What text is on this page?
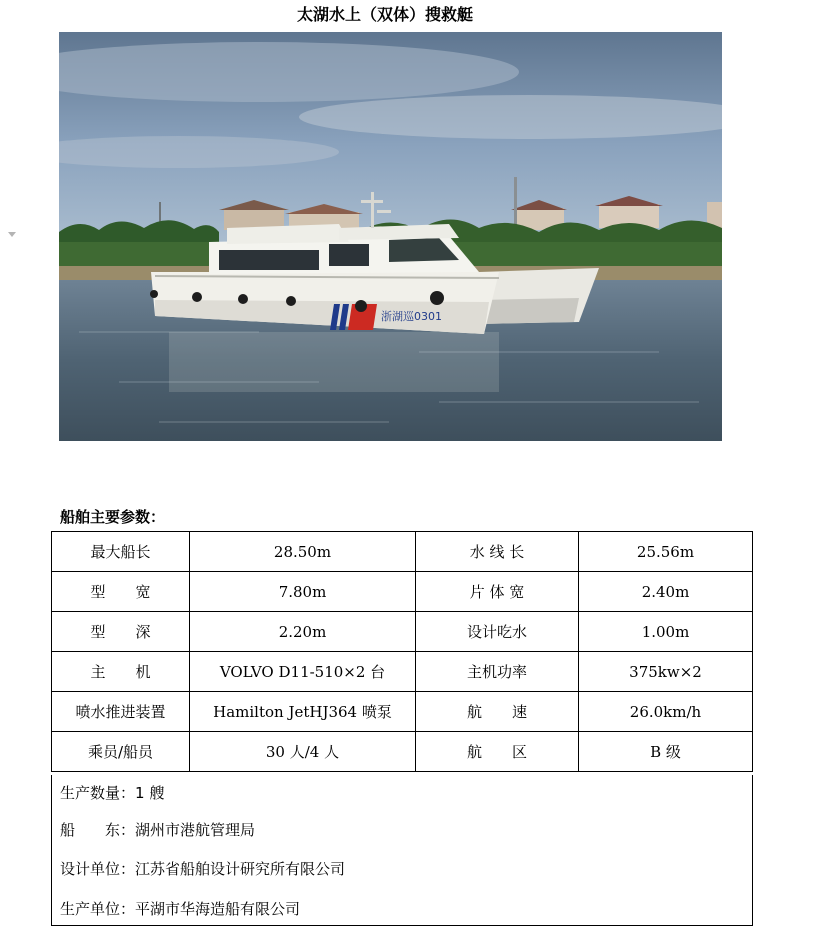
太湖水上（双体）搜救艇
浙湖巡0301
船舶主要参数：
最大船长	28.50m	水 线 长	25.56m
型　　宽	7.80m	片 体 宽	2.40m
型　　深	2.20m	设计吃水	1.00m
主　　机	VOLVO D11-510×2 台	主机功率	375kw×2
喷水推进装置	Hamilton JetHJ364 喷泵	航　　速	26.0km/h
乘员/船员	30 人/4 人	航　　区	B 级
生产数量：1 艘
船　　东：湖州市港航管理局
设计单位：江苏省船舶设计研究所有限公司
生产单位：平湖市华海造船有限公司
